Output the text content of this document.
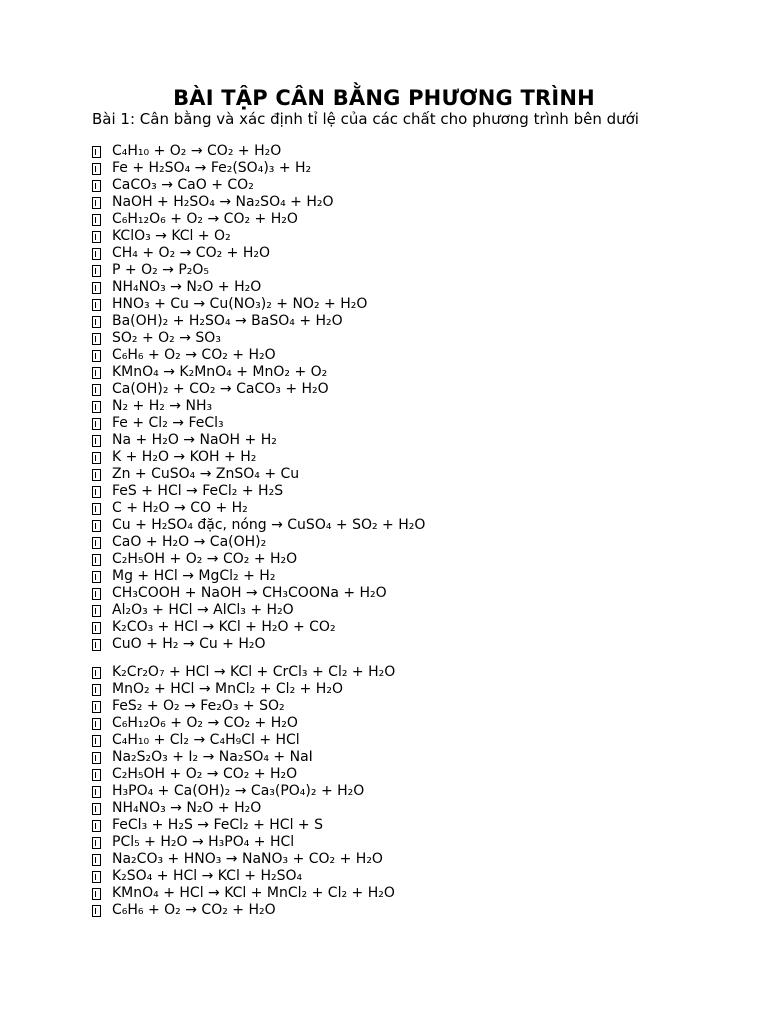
BÀI TẬP CÂN BẰNG PHƯƠNG TRÌNH
Bài 1: Cân bằng và xác định tỉ lệ của các chất cho phương trình bên dưới
C₄H₁₀ + O₂ → CO₂ + H₂O
Fe + H₂SO₄ → Fe₂(SO₄)₃ + H₂
CaCO₃ → CaO + CO₂
NaOH + H₂SO₄ → Na₂SO₄ + H₂O
C₆H₁₂O₆ + O₂ → CO₂ + H₂O
KClO₃ → KCl + O₂
CH₄ + O₂ → CO₂ + H₂O
P + O₂ → P₂O₅
NH₄NO₃ → N₂O + H₂O
HNO₃ + Cu → Cu(NO₃)₂ + NO₂ + H₂O
Ba(OH)₂ + H₂SO₄ → BaSO₄ + H₂O
SO₂ + O₂ → SO₃
C₆H₆ + O₂ → CO₂ + H₂O
KMnO₄ → K₂MnO₄ + MnO₂ + O₂
Ca(OH)₂ + CO₂ → CaCO₃ + H₂O
N₂ + H₂ → NH₃
Fe + Cl₂ → FeCl₃
Na + H₂O → NaOH + H₂
K + H₂O → KOH + H₂
Zn + CuSO₄ → ZnSO₄ + Cu
FeS + HCl → FeCl₂ + H₂S
C + H₂O → CO + H₂
Cu + H₂SO₄ đặc, nóng → CuSO₄ + SO₂ + H₂O
CaO + H₂O → Ca(OH)₂
C₂H₅OH + O₂ → CO₂ + H₂O
Mg + HCl → MgCl₂ + H₂
CH₃COOH + NaOH → CH₃COONa + H₂O
Al₂O₃ + HCl → AlCl₃ + H₂O
K₂CO₃ + HCl → KCl + H₂O + CO₂
CuO + H₂ → Cu + H₂O
K₂Cr₂O₇ + HCl → KCl + CrCl₃ + Cl₂ + H₂O
MnO₂ + HCl → MnCl₂ + Cl₂ + H₂O
FeS₂ + O₂ → Fe₂O₃ + SO₂
C₆H₁₂O₆ + O₂ → CO₂ + H₂O
C₄H₁₀ + Cl₂ → C₄H₉Cl + HCl
Na₂S₂O₃ + I₂ → Na₂SO₄ + NaI
C₂H₅OH + O₂ → CO₂ + H₂O
H₃PO₄ + Ca(OH)₂ → Ca₃(PO₄)₂ + H₂O
NH₄NO₃ → N₂O + H₂O
FeCl₃ + H₂S → FeCl₂ + HCl + S
PCl₅ + H₂O → H₃PO₄ + HCl
Na₂CO₃ + HNO₃ → NaNO₃ + CO₂ + H₂O
K₂SO₄ + HCl → KCl + H₂SO₄
KMnO₄ + HCl → KCl + MnCl₂ + Cl₂ + H₂O
C₆H₆ + O₂ → CO₂ + H₂O
